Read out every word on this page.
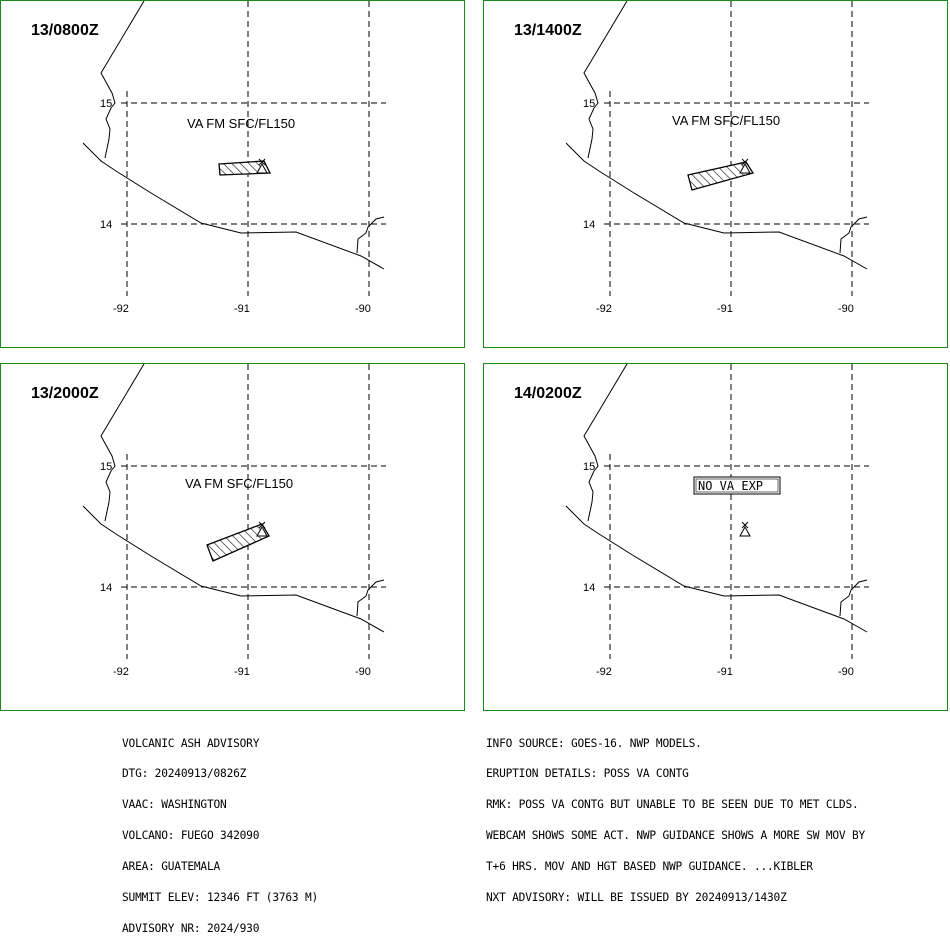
13/0800Z
15
14
-92	-91	-90
VA FM SFC/FL150
13/1400Z
15
14
-92	-91	-90
VA FM SFC/FL150
13/2000Z
15
14
-92	-91	-90
VA FM SFC/FL150
14/0200Z
15
14
-92	-91	-90
NO VA EXP

VOLCANIC ASH ADVISORY

DTG: 20240913/0826Z

VAAC: WASHINGTON

VOLCANO: FUEGO 342090

AREA: GUATEMALA

SUMMIT ELEV: 12346 FT (3763 M)

ADVISORY NR: 2024/930

INFO SOURCE: GOES-16. NWP MODELS.

ERUPTION DETAILS: POSS VA CONTG

RMK: POSS VA CONTG BUT UNABLE TO BE SEEN DUE TO MET CLDS.

WEBCAM SHOWS SOME ACT. NWP GUIDANCE SHOWS A MORE SW MOV BY

T+6 HRS. MOV AND HGT BASED NWP GUIDANCE. ...KIBLER

NXT ADVISORY: WILL BE ISSUED BY 20240913/1430Z
